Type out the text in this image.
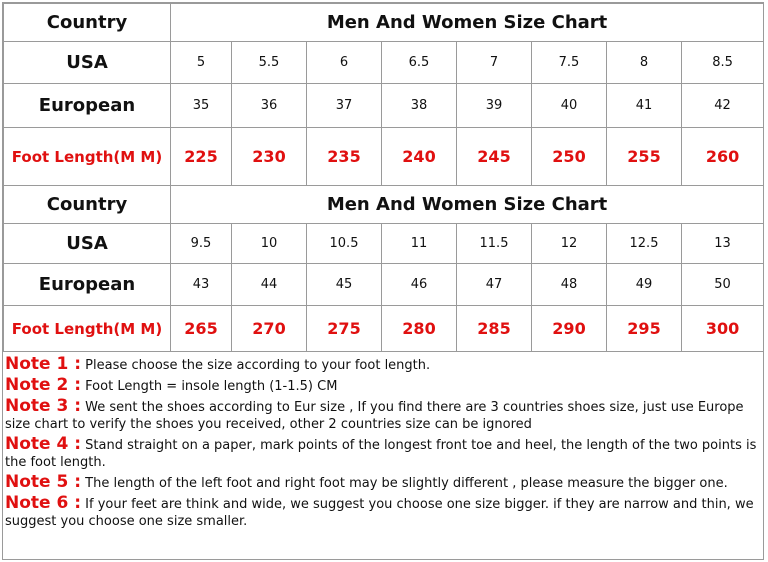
Country	Men And Women Size Chart							
USA	5	5.5	6	6.5	7	7.5	8	8.5
European	35	36	37	38	39	40	41	42
Foot Length(M M)	225	230	235	240	245	250	255	260
Country	Men And Women Size Chart							
USA	9.5	10	10.5	11	11.5	12	12.5	13
European	43	44	45	46	47	48	49	50
Foot Length(M M)	265	270	275	280	285	290	295	300
Note 1 : Please choose the size according to your foot length.
Note 2 : Foot Length = insole length (1-1.5) CM
Note 3 : We sent the shoes according to Eur size , If you find there are 3 countries shoes size, just use Europe size chart to verify the shoes you received, other 2 countries size can be ignored
Note 4 : Stand straight on a paper, mark points of the longest front toe and heel, the length of the two points is the foot length.
Note 5 : The length of the left foot and right foot may be slightly different , please measure the bigger one.
Note 6 : If your feet are think and wide, we suggest you choose one size bigger. if they are narrow and thin, we suggest you choose one size smaller.
